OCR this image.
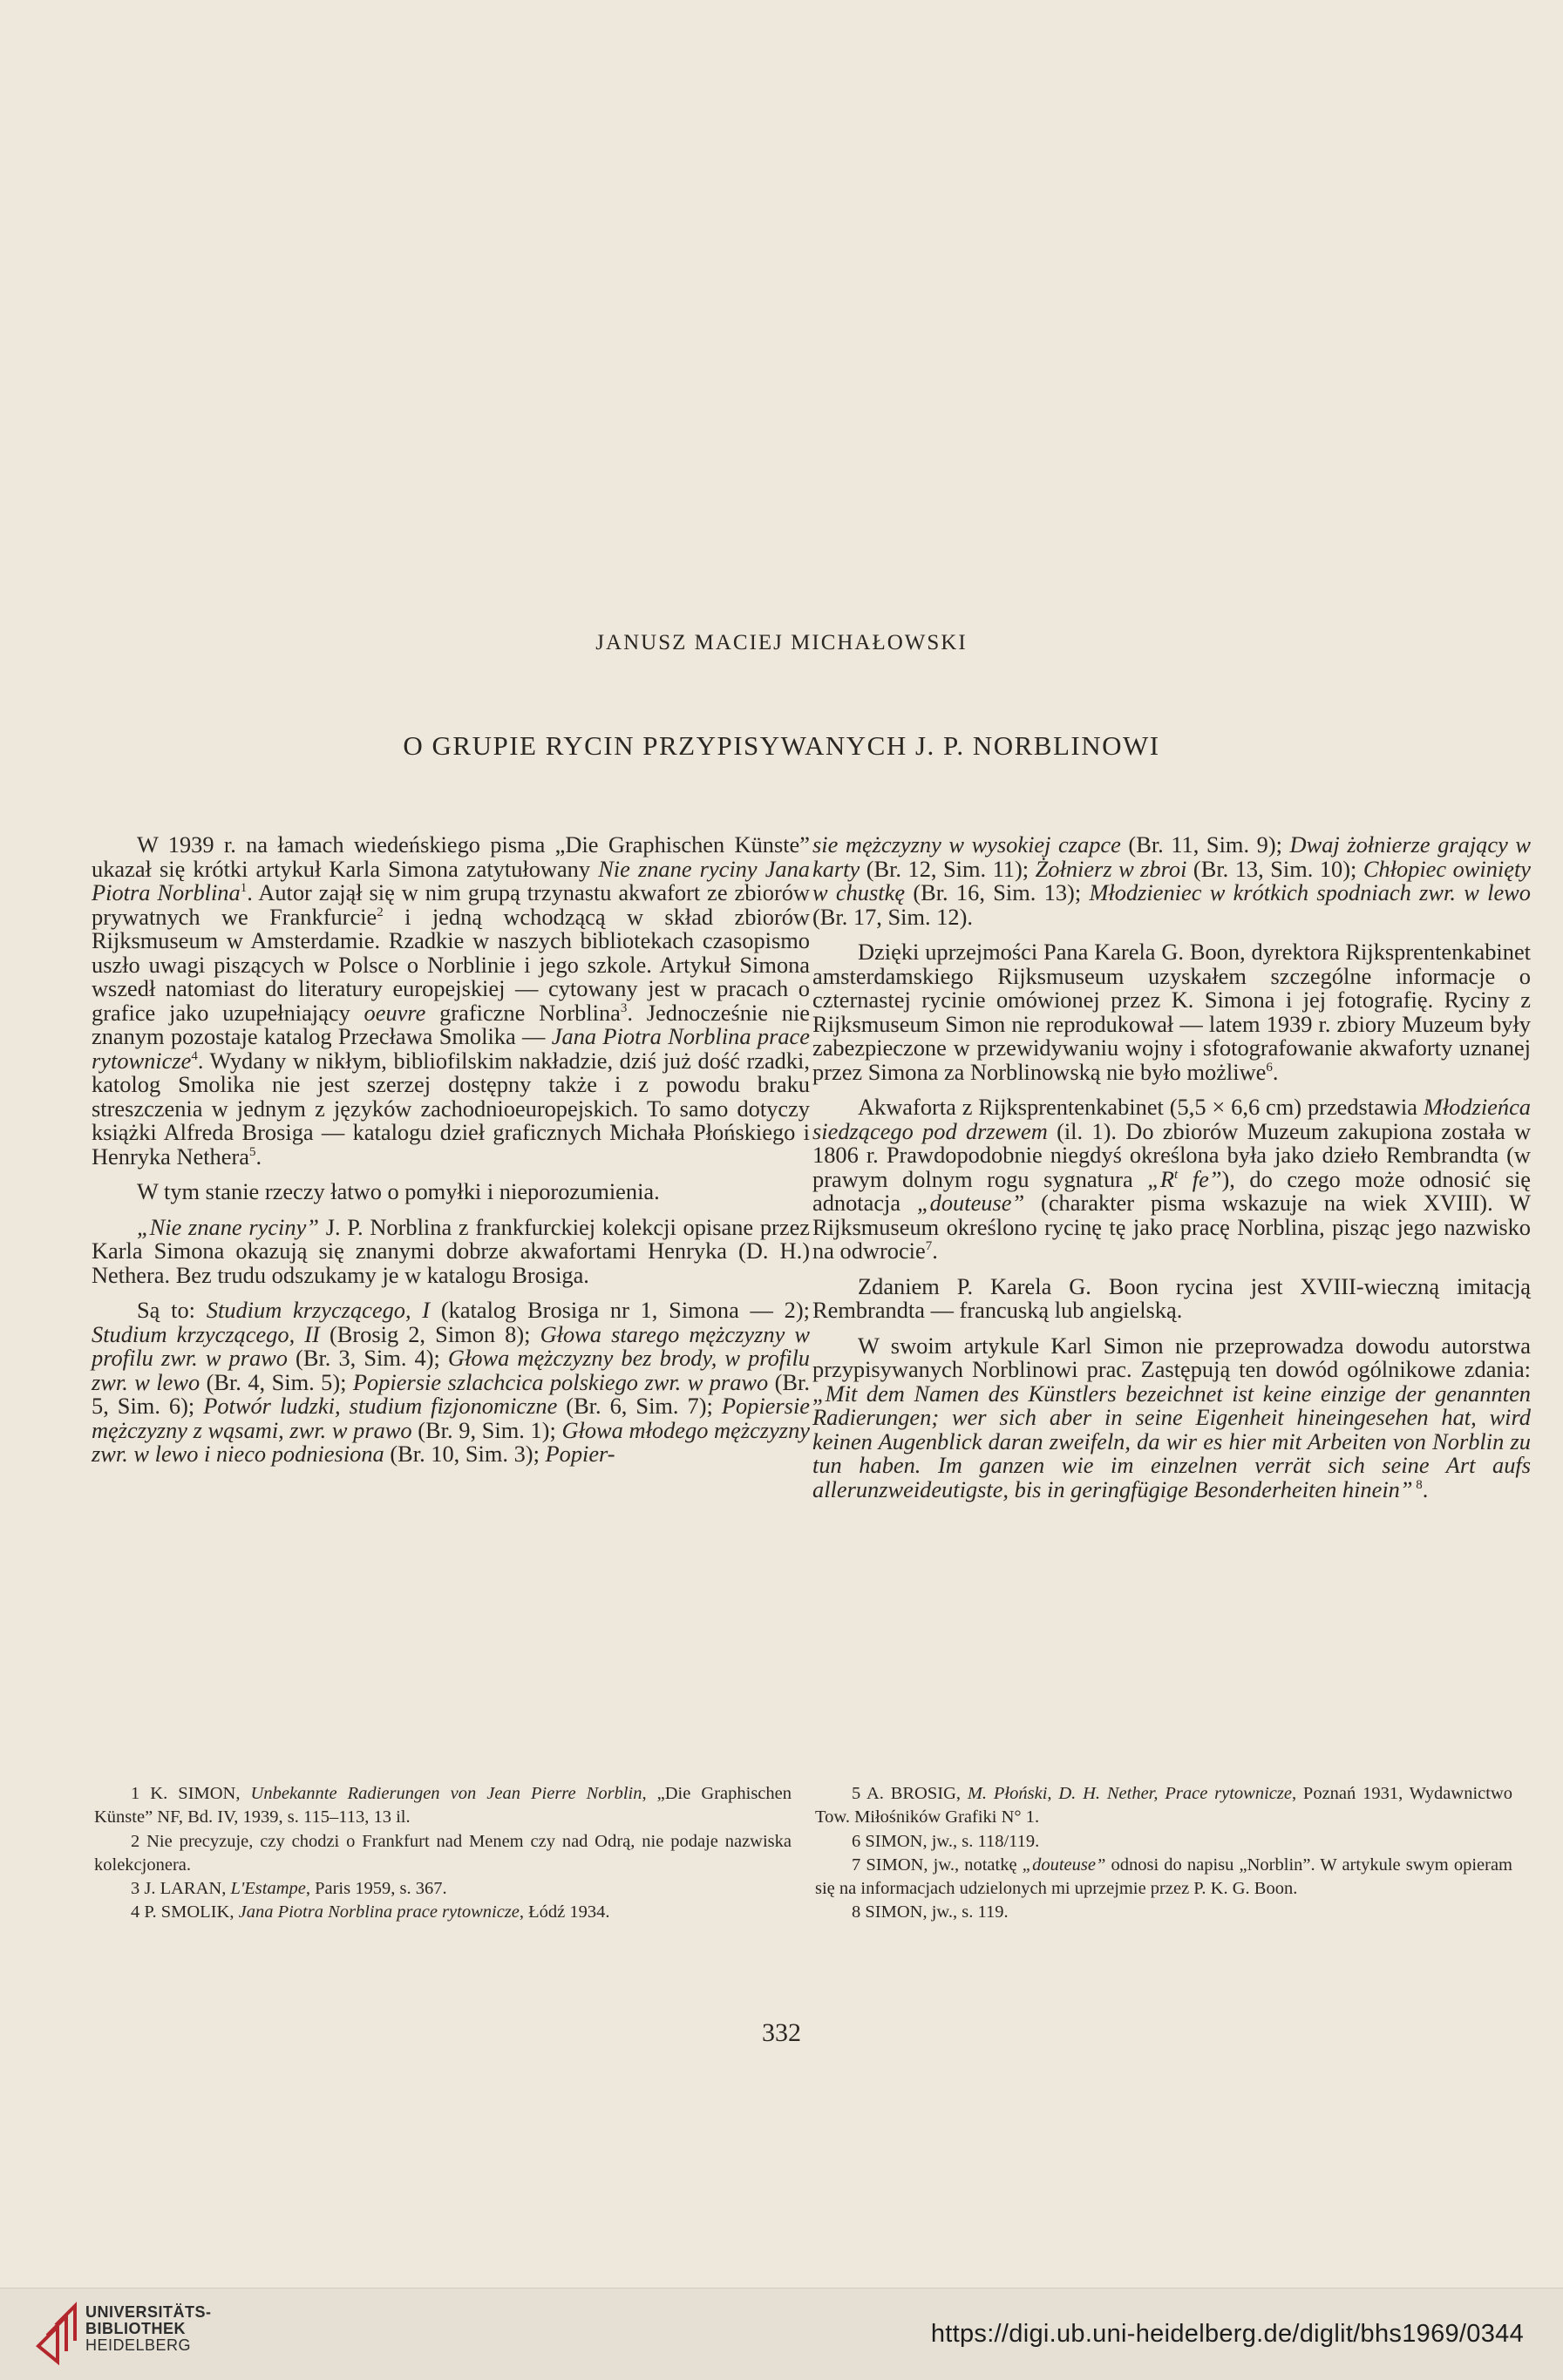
JANUSZ MACIEJ MICHAŁOWSKI
O GRUPIE RYCIN PRZYPISYWANYCH J. P. NORBLINOWI

W 1939 r. na łamach wiedeńskiego pisma „Die Graphischen Künste” ukazał się krótki artykuł Karla Simona zatytułowany Nie znane ryciny Jana Piotra Norblina$^1$. Autor zajął się w nim grupą trzynastu akwafort ze zbiorów prywatnych we Frankfurcie$^2$ i jedną wchodzącą w skład zbiorów Rijksmuseum w Amsterdamie. Rzadkie w naszych bibliotekach czasopismo uszło uwagi piszących w Polsce o Norblinie i jego szkole. Artykuł Simona wszedł natomiast do literatury europejskiej — cytowany jest w pracach o grafice jako uzupełniający oeuvre graficzne Norblina$^3$. Jednocześnie nie znanym pozostaje katalog Przecława Smolika — Jana Piotra Norblina prace rytownicze$^4$. Wydany w nikłym, bibliofilskim nakładzie, dziś już dość rzadki, katolog Smolika nie jest szerzej dostępny także i z powodu braku streszczenia w jednym z języków zachodnioeuropejskich. To samo dotyczy książki Alfreda Brosiga — katalogu dzieł graficznych Michała Płońskiego i Henryka Nethera$^5$.

W tym stanie rzeczy łatwo o pomyłki i nieporozumienia.

„Nie znane ryciny” J. P. Norblina z frankfurckiej kolekcji opisane przez Karla Simona okazują się znanymi dobrze akwafortami Henryka (D. H.) Nethera. Bez trudu odszukamy je w katalogu Brosiga.

Są to: Studium krzyczącego, I (katalog Brosiga nr 1, Simona — 2); Studium krzyczącego, II (Brosig 2, Simon 8); Głowa starego mężczyzny w profilu zwr. w prawo (Br. 3, Sim. 4); Głowa mężczyzny bez brody, w profilu zwr. w lewo (Br. 4, Sim. 5); Popiersie szlachcica polskiego zwr. w prawo (Br. 5, Sim. 6); Potwór ludzki, studium fizjonomiczne (Br. 6, Sim. 7); Popiersie mężczyzny z wąsami, zwr. w prawo (Br. 9, Sim. 1); Głowa młodego mężczyzny zwr. w lewo i nieco podniesiona (Br. 10, Sim. 3); Popier-

sie mężczyzny w wysokiej czapce (Br. 11, Sim. 9); Dwaj żołnierze grający w karty (Br. 12, Sim. 11); Żołnierz w zbroi (Br. 13, Sim. 10); Chłopiec owinięty w chustkę (Br. 16, Sim. 13); Młodzieniec w krótkich spodniach zwr. w lewo (Br. 17, Sim. 12).

Dzięki uprzejmości Pana Karela G. Boon, dyrektora Rijksprentenkabinet amsterdamskiego Rijksmuseum uzyskałem szczególne informacje o czternastej rycinie omówionej przez K. Simona i jej fotografię. Ryciny z Rijksmuseum Simon nie reprodukował — latem 1939 r. zbiory Muzeum były zabezpieczone w przewidywaniu wojny i sfotografowanie akwaforty uznanej przez Simona za Norblinowską nie było możliwe$^6$.

Akwaforta z Rijksprentenkabinet (5,5 × 6,6 cm) przedstawia Młodzieńca siedzącego pod drzewem (il. 1). Do zbiorów Muzeum zakupiona została w 1806 r. Prawdopodobnie niegdyś określona była jako dzieło Rembrandta (w prawym dolnym rogu sygnatura $„R^t$ fe”), do czego może odnosić się adnotacja „douteuse” (charakter pisma wskazuje na wiek XVIII). W Rijksmuseum określono rycinę tę jako pracę Norblina, pisząc jego nazwisko na odwrocie$^7$.

Zdaniem P. Karela G. Boon rycina jest XVIII-wieczną imitacją Rembrandta — francuską lub angielską.

W swoim artykule Karl Simon nie przeprowadza dowodu autorstwa przypisywanych Norblinowi prac. Zastępują ten dowód ogólnikowe zdania: „Mit dem Namen des Künstlers bezeichnet ist keine einzige der genannten Radierungen; wer sich aber in seine Eigenheit hineingesehen hat, wird keinen Augenblick daran zweifeln, da wir es hier mit Arbeiten von Norblin zu tun haben. Im ganzen wie im einzelnen verrät sich seine Art aufs allerunzweideutigste, bis in geringfügige Besonderheiten hinein” $^8$.

1 K. SIMON, Unbekannte Radierungen von Jean Pierre Norblin, „Die Graphischen Künste” NF, Bd. IV, 1939, s. 115–113, 13 il.
2 Nie precyzuje, czy chodzi o Frankfurt nad Menem czy nad Odrą, nie podaje nazwiska kolekcjonera.
3 J. LARAN, L'Estampe, Paris 1959, s. 367.
4 P. SMOLIK, Jana Piotra Norblina prace rytownicze, Łódź 1934.
5 A. BROSIG, M. Płoński, D. H. Nether, Prace rytownicze, Poznań 1931, Wydawnictwo Tow. Miłośników Grafiki N° 1.
6 SIMON, jw., s. 118/119.
7 SIMON, jw., notatkę „douteuse” odnosi do napisu „Norblin”. W artykule swym opieram się na informacjach udzielonych mi uprzejmie przez P. K. G. Boon.
8 SIMON, jw., s. 119.
332
UNIVERSITÄTS-
BIBLIOTHEK
HEIDELBERG	https://digi.ub.uni-heidelberg.de/diglit/bhs1969/0344
